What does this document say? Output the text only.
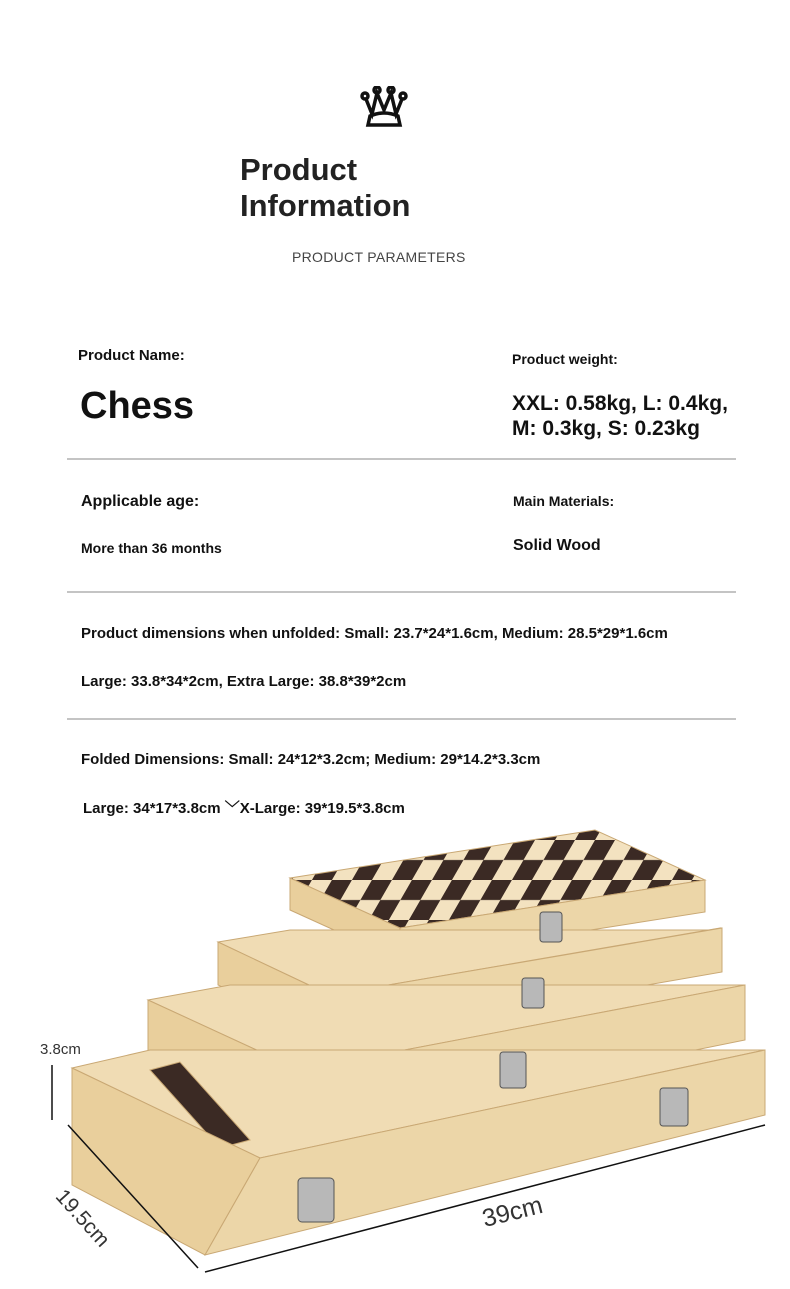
Product
Information
PRODUCT PARAMETERS
Product Name:
Chess
Product weight:
XXL: 0.58kg, L: 0.4kg,
M: 0.3kg, S: 0.23kg
Applicable age:
More than 36 months
Main Materials:
Solid Wood
Product dimensions when unfolded: Small: 23.7*24*1.6cm, Medium: 28.5*29*1.6cm
Large: 33.8*34*2cm, Extra Large: 38.8*39*2cm
Folded Dimensions: Small: 24*12*3.2cm; Medium: 29*14.2*3.3cm
Large: 34*17*3.8cm ﹀X-Large: 39*19.5*3.8cm
3.8cm
19.5cm	39cm
